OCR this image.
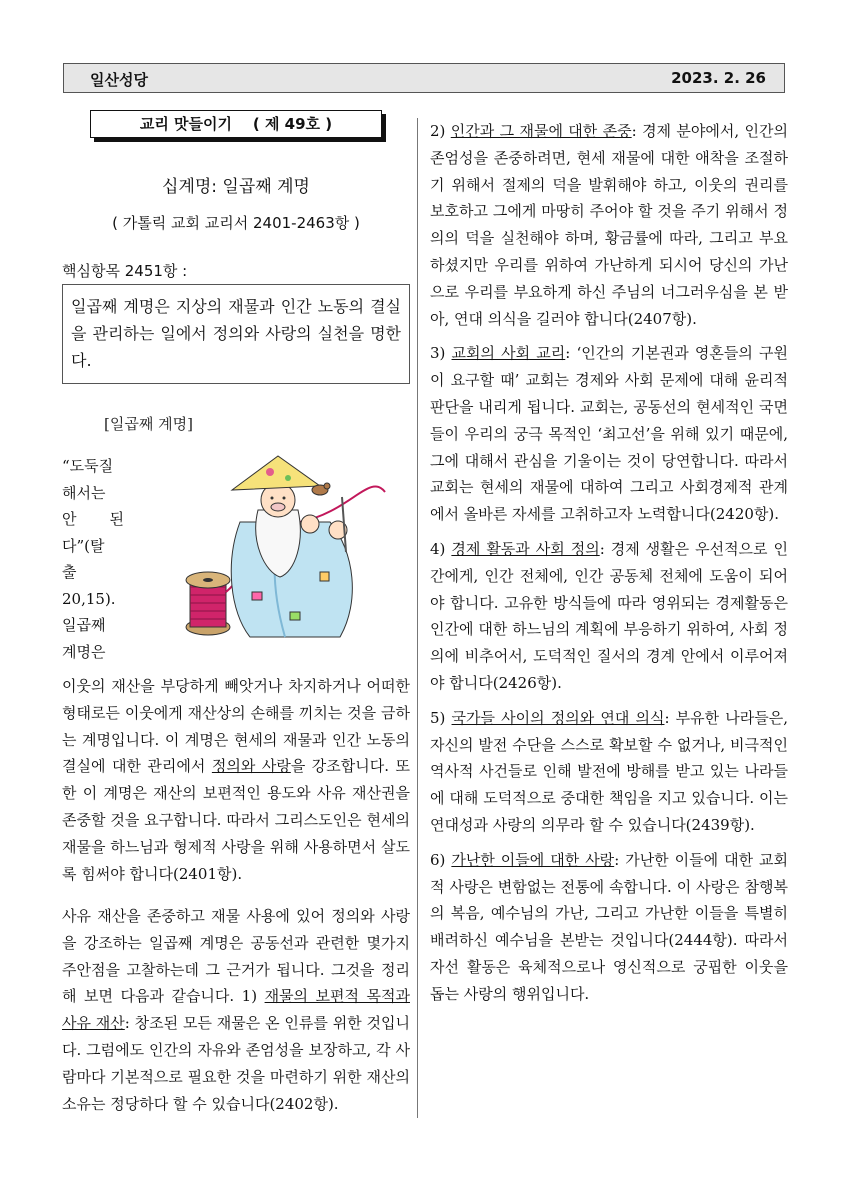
일산성당	2023. 2. 26
교리 맛들이기    ( 제 49호 )
십계명: 일곱째 계명
( 가톨릭 교회 교리서 2401-2463항 )
핵심항목 2451항 :
일곱째 계명은 지상의 재물과 인간 노동의 결실을 관리하는 일에서 정의와 사랑의 실천을 명한다.
[일곱째 계명]
“도둑질
해서는
안 된
다”(탈
출
20,15).
일곱째
계명은
이웃의 재산을 부당하게 빼앗거나 차지하거나 어떠한 형태로든 이웃에게 재산상의 손해를 끼치는 것을 금하는 계명입니다. 이 계명은 현세의 재물과 인간 노동의 결실에 대한 관리에서 정의와 사랑을 강조합니다. 또한 이 계명은 재산의 보편적인 용도와 사유 재산권을 존중할 것을 요구합니다. 따라서 그리스도인은 현세의 재물을 하느님과 형제적 사랑을 위해 사용하면서 살도록 힘써야 합니다(2401항).
사유 재산을 존중하고 재물 사용에 있어 정의와 사랑을 강조하는 일곱째 계명은 공동선과 관련한 몇가지 주안점을 고찰하는데 그 근거가 됩니다. 그것을 정리해 보면 다음과 같습니다. 1) 재물의 보편적 목적과 사유 재산: 창조된 모든 재물은 온 인류를 위한 것입니다. 그럼에도 인간의 자유와 존엄성을 보장하고, 각 사람마다 기본적으로 필요한 것을 마련하기 위한 재산의 소유는 정당하다 할 수 있습니다(2402항).

2) 인간과 그 재물에 대한 존중: 경제 분야에서, 인간의 존엄성을 존중하려면, 현세 재물에 대한 애착을 조절하기 위해서 절제의 덕을 발휘해야 하고, 이웃의 권리를 보호하고 그에게 마땅히 주어야 할 것을 주기 위해서 정의의 덕을 실천해야 하며, 황금률에 따라, 그리고 부요하셨지만 우리를 위하여 가난하게 되시어 당신의 가난으로 우리를 부요하게 하신 주님의 너그러우심을 본 받아, 연대 의식을 길러야 합니다(2407항).

3) 교회의 사회 교리: ‘인간의 기본권과 영혼들의 구원이 요구할 때’ 교회는 경제와 사회 문제에 대해 윤리적 판단을 내리게 됩니다. 교회는, 공동선의 현세적인 국면들이 우리의 궁극 목적인 ‘최고선’을 위해 있기 때문에, 그에 대해서 관심을 기울이는 것이 당연합니다. 따라서 교회는 현세의 재물에 대하여 그리고 사회경제적 관계에서 올바른 자세를 고취하고자 노력합니다(2420항).

4) 경제 활동과 사회 정의: 경제 생활은 우선적으로 인간에게, 인간 전체에, 인간 공동체 전체에 도움이 되어야 합니다. 고유한 방식들에 따라 영위되는 경제활동은 인간에 대한 하느님의 계획에 부응하기 위하여, 사회 정의에 비추어서, 도덕적인 질서의 경계 안에서 이루어져야 합니다(2426항).

5) 국가들 사이의 정의와 연대 의식: 부유한 나라들은, 자신의 발전 수단을 스스로 확보할 수 없거나, 비극적인 역사적 사건들로 인해 발전에 방해를 받고 있는 나라들에 대해 도덕적으로 중대한 책임을 지고 있습니다. 이는 연대성과 사랑의 의무라 할 수 있습니다(2439항).

6) 가난한 이들에 대한 사랑: 가난한 이들에 대한 교회적 사랑은 변함없는 전통에 속합니다. 이 사랑은 참행복의 복음, 예수님의 가난, 그리고 가난한 이들을 특별히 배려하신 예수님을 본받는 것입니다(2444항). 따라서 자선 활동은 육체적으로나 영신적으로 궁핍한 이웃을 돕는 사랑의 행위입니다.
